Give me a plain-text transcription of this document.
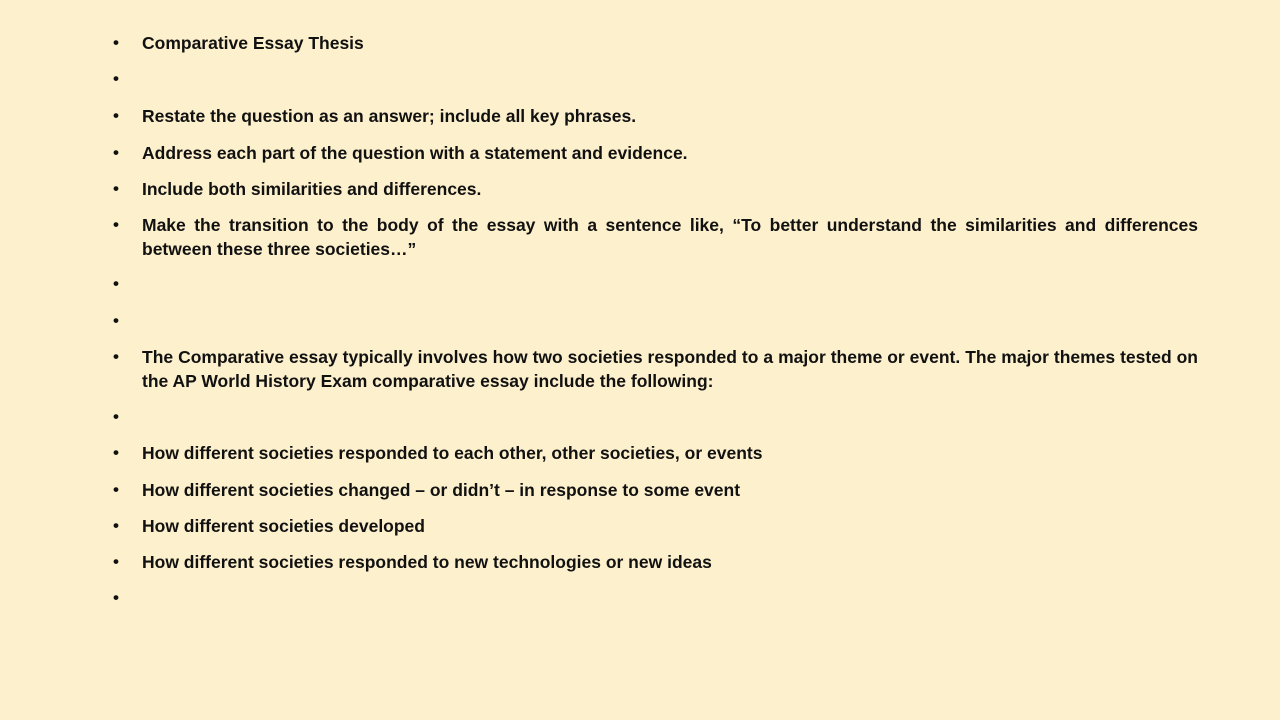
•	Comparative Essay Thesis
•
•	Restate the question as an answer; include all key phrases.
•	Address each part of the question with a statement and evidence.
•	Include both similarities and differences.
•	Make the transition to the body of the essay with a sentence like, “To better understand the similarities and differences between these three societies…”
•
•
•	The Comparative essay typically involves how two societies responded to a major theme or event. The major themes tested on the AP World History Exam comparative essay include the following:
•
•	How different societies responded to each other, other societies, or events
•	How different societies changed – or didn’t – in response to some event
•	How different societies developed
•	How different societies responded to new technologies or new ideas
•
